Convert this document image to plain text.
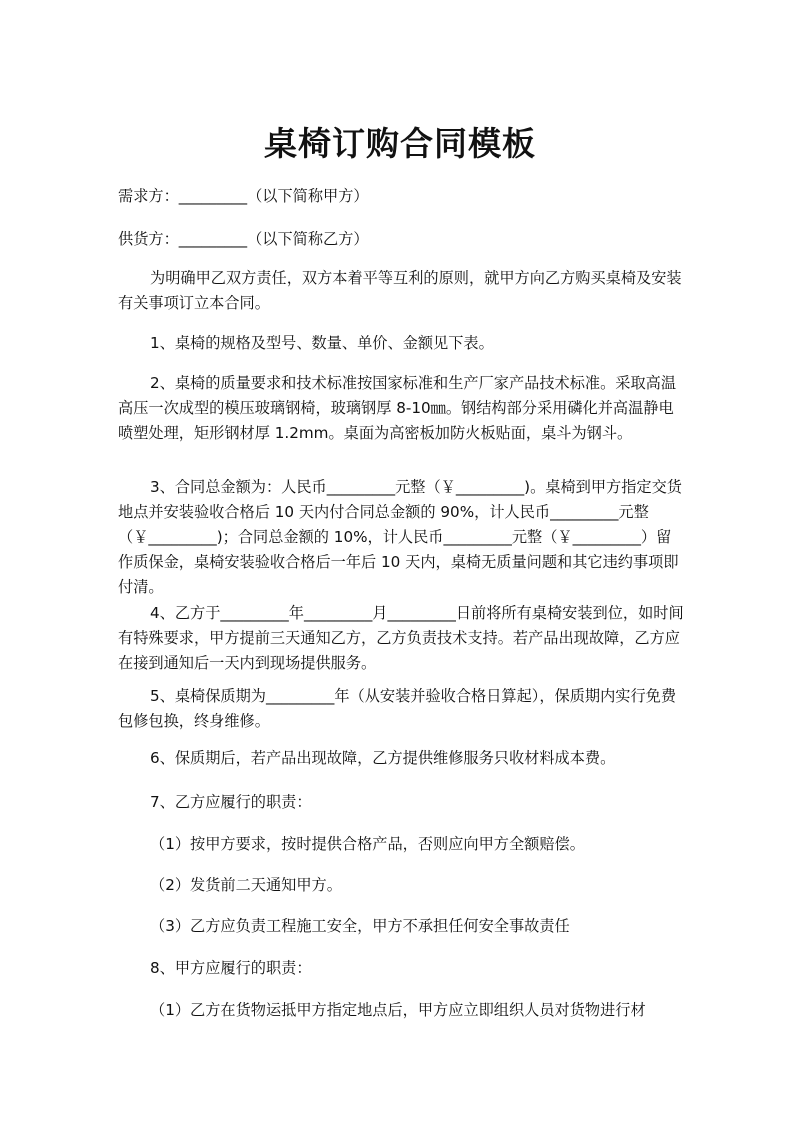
桌椅订购合同模板
需求方：_________（以下简称甲方）
供货方：_________（以下简称乙方）
为明确甲乙双方责任，双方本着平等互利的原则，就甲方向乙方购买桌椅及安装有关事项订立本合同。
1、桌椅的规格及型号、数量、单价、金额见下表。
2、桌椅的质量要求和技术标准按国家标准和生产厂家产品技术标准。采取高温高压一次成型的模压玻璃钢椅，玻璃钢厚 8-10㎜。钢结构部分采用磷化并高温静电喷塑处理，矩形钢材厚 1.2mm。桌面为高密板加防火板贴面，桌斗为钢斗。
3、合同总金额为：人民币_________元整（￥_________)。桌椅到甲方指定交货地点并安装验收合格后 10 天内付合同总金额的 90%，计人民币_________元整（￥_________)；合同总金额的 10%，计人民币_________元整（￥_________）留作质保金，桌椅安装验收合格后一年后 10 天内，桌椅无质量问题和其它违约事项即付清。
4、乙方于_________年_________月_________日前将所有桌椅安装到位，如时间有特殊要求，甲方提前三天通知乙方，乙方负责技术支持。若产品出现故障，乙方应在接到通知后一天内到现场提供服务。
5、桌椅保质期为_________年（从安装并验收合格日算起），保质期内实行免费包修包换，终身维修。
6、保质期后，若产品出现故障，乙方提供维修服务只收材料成本费。
7、乙方应履行的职责：
（1）按甲方要求，按时提供合格产品，否则应向甲方全额赔偿。
（2）发货前二天通知甲方。
（3）乙方应负责工程施工安全，甲方不承担任何安全事故责任
8、甲方应履行的职责：
（1）乙方在货物运抵甲方指定地点后，甲方应立即组织人员对货物进行材
